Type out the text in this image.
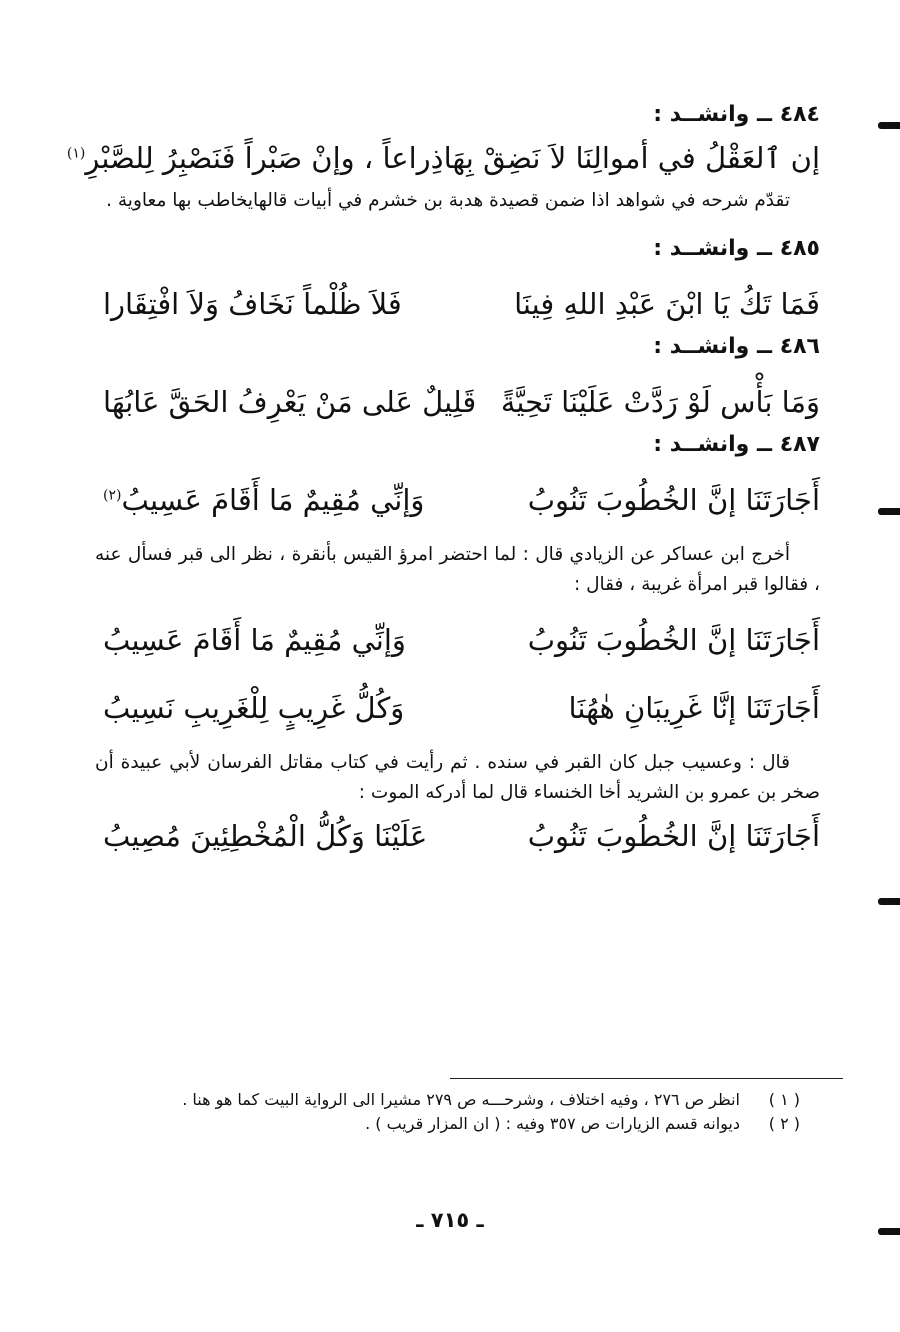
٤٨٤ ــ وانشــد :
إن ٱلعَقْلُ في أموالِنَا لاَ نَضِقْ بِهَا
ذِراعاً ، وإنْ صَبْراً فَنَصْبِرُ لِلصَّبْرِ$^{(١)}$

تقدّم شرحه في شواهد اذا ضمن قصيدة هدبة بن خشرم في أبيات قالهايخاطب بها معاوية .

٤٨٥ ــ وانشــد :
فَمَا تَكُ يَا ابْنَ عَبْدِ اللهِ فِينَا
فَلاَ ظُلْماً نَخَافُ وَلاَ افْتِقَارا
٤٨٦ ــ وانشــد :
وَمَا بَأْس لَوْ رَدَّتْ عَلَيْنَا تَحِيَّةً
قَلِيلٌ عَلى مَنْ يَعْرِفُ الحَقَّ عَابُهَا
٤٨٧ ــ وانشــد :
أَجَارَتَنَا إنَّ الخُطُوبَ تَنُوبُ
وَإنِّي مُقِيمٌ مَا أَقَامَ عَسِيبُ$^{(٢)}$

أخرج ابن عساكر عن الزيادي قال : لما احتضر امرؤ القيس بأنقرة ، نظر الى قبر فسأل عنه ، فقالوا قبر امرأة غريبة ، فقال :

أَجَارَتَنَا إنَّ الخُطُوبَ تَنُوبُ
وَإنِّي مُقِيمٌ مَا أَقَامَ عَسِيبُ
أَجَارَتَنَا إنَّا غَرِيبَانِ هٰهُنَا
وَكُلُّ غَرِيبٍ لِلْغَرِيبِ نَسِيبُ

قال : وعسيب جبل كان القبر في سنده . ثم رأيت في كتاب مقاتل الفرسان لأبي عبيدة أن صخر بن عمرو بن الشريد أخا الخنساء قال لما أدركه الموت :

أَجَارَتَنَا إنَّ الخُطُوبَ تَنُوبُ
عَلَيْنَا وَكُلُّ الْمُخْطِئِينَ مُصِيبُ
( ١ )
انظر ص ٢٧٦ ، وفيه اختلاف ، وشرحـــه ص ٢٧٩ مشيرا الى الرواية البيت كما هو هنا .
( ٢ )
ديوانه قسم الزيارات ص ٣٥٧ وفيه : ( ان المزار قريب ) .
ـ ٧١٥ ـ
